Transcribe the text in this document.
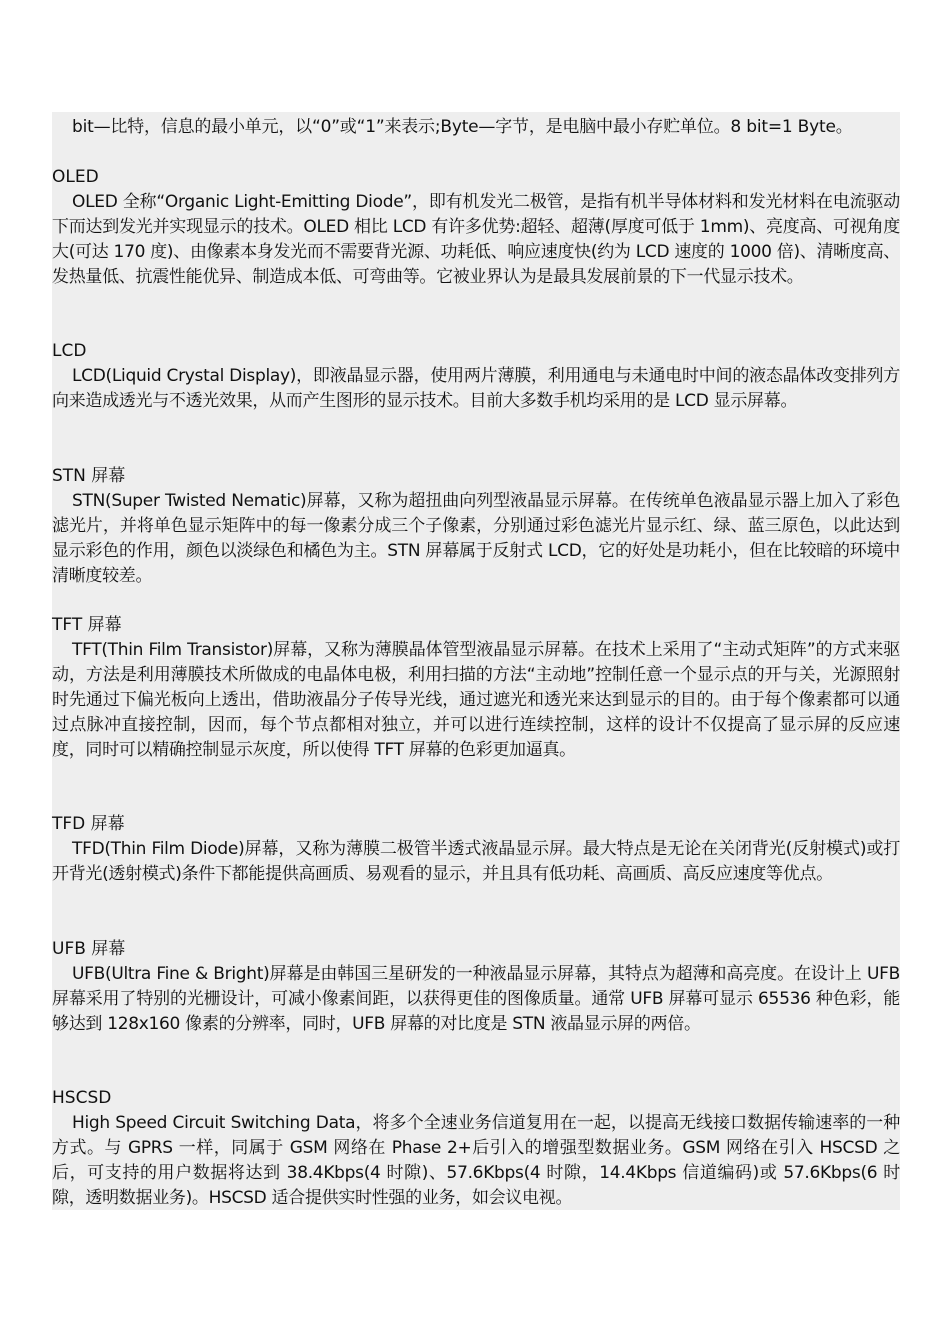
bit—比特，信息的最小单元，以“0”或“1”来表示;Byte—字节，是电脑中最小存贮单位。8 bit=1 Byte。
OLED
OLED 全称“Organic Light-Emitting Diode”，即有机发光二极管，是指有机半导体材料和发光材料在电流驱动下而达到发光并实现显示的技术。OLED 相比 LCD 有许多优势:超轻、超薄(厚度可低于 1mm)、亮度高、可视角度大(可达 170 度)、由像素本身发光而不需要背光源、功耗低、响应速度快(约为 LCD 速度的 1000 倍)、清晰度高、发热量低、抗震性能优异、制造成本低、可弯曲等。它被业界认为是最具发展前景的下一代显示技术。
LCD
LCD(Liquid Crystal Display)，即液晶显示器，使用两片薄膜，利用通电与未通电时中间的液态晶体改变排列方向来造成透光与不透光效果，从而产生图形的显示技术。目前大多数手机均采用的是 LCD 显示屏幕。
STN 屏幕
STN(Super Twisted Nematic)屏幕，又称为超扭曲向列型液晶显示屏幕。在传统单色液晶显示器上加入了彩色滤光片，并将单色显示矩阵中的每一像素分成三个子像素，分别通过彩色滤光片显示红、绿、蓝三原色，以此达到显示彩色的作用，颜色以淡绿色和橘色为主。STN 屏幕属于反射式 LCD，它的好处是功耗小，但在比较暗的环境中清晰度较差。
TFT 屏幕
TFT(Thin Film Transistor)屏幕，又称为薄膜晶体管型液晶显示屏幕。在技术上采用了“主动式矩阵”的方式来驱动，方法是利用薄膜技术所做成的电晶体电极，利用扫描的方法“主动地”控制任意一个显示点的开与关，光源照射时先通过下偏光板向上透出，借助液晶分子传导光线，通过遮光和透光来达到显示的目的。由于每个像素都可以通过点脉冲直接控制，因而，每个节点都相对独立，并可以进行连续控制，这样的设计不仅提高了显示屏的反应速度，同时可以精确控制显示灰度，所以使得 TFT 屏幕的色彩更加逼真。
TFD 屏幕
TFD(Thin Film Diode)屏幕，又称为薄膜二极管半透式液晶显示屏。最大特点是无论在关闭背光(反射模式)或打开背光(透射模式)条件下都能提供高画质、易观看的显示，并且具有低功耗、高画质、高反应速度等优点。
UFB 屏幕
UFB(Ultra Fine & Bright)屏幕是由韩国三星研发的一种液晶显示屏幕，其特点为超薄和高亮度。在设计上 UFB 屏幕采用了特别的光栅设计，可减小像素间距，以获得更佳的图像质量。通常 UFB 屏幕可显示 65536 种色彩，能够达到 128x160 像素的分辨率，同时，UFB 屏幕的对比度是 STN 液晶显示屏的两倍。
HSCSD
High Speed Circuit Switching Data，将多个全速业务信道复用在一起，以提高无线接口数据传输速率的一种方式。与 GPRS 一样，同属于 GSM 网络在 Phase 2+后引入的增强型数据业务。GSM 网络在引入 HSCSD 之后，可支持的用户数据将达到 38.4Kbps(4 时隙)、57.6Kbps(4 时隙，14.4Kbps 信道编码)或 57.6Kbps(6 时隙，透明数据业务)。HSCSD 适合提供实时性强的业务，如会议电视。
